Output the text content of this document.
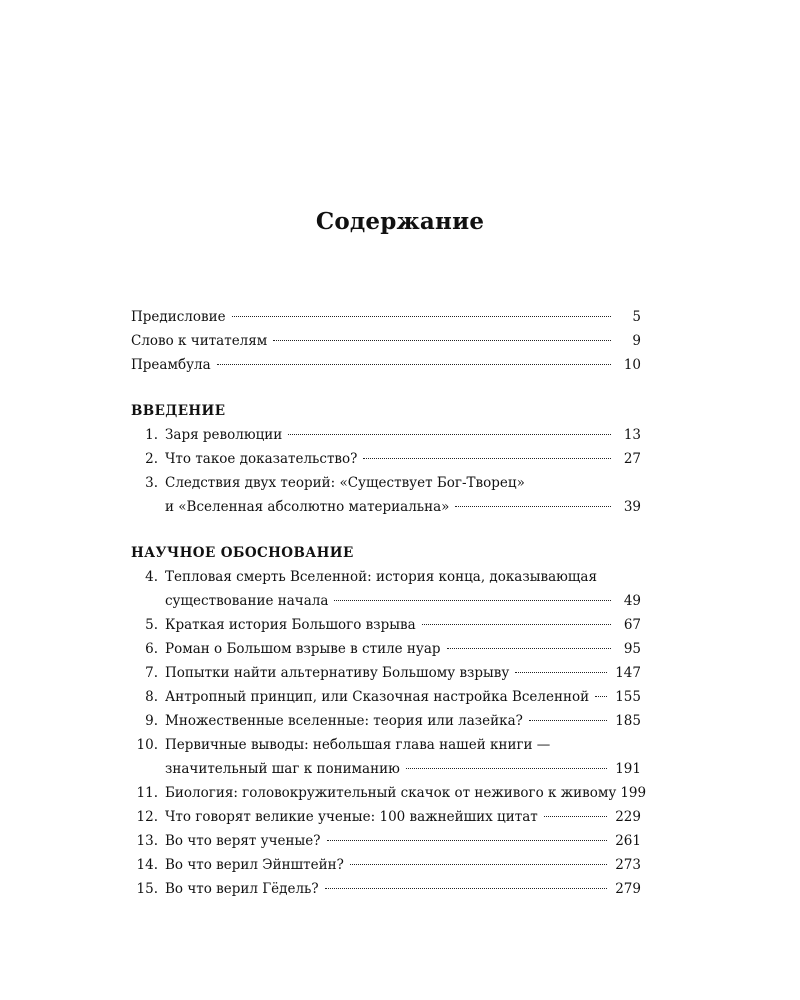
Содержание
Предисловие	5
Слово к читателям	9
Преамбула	10
ВВЕДЕНИЕ
1. Заря революции	13
2. Что такое доказательство?	27
3. Следствия двух теорий: «Существует Бог-Творец»
и «Вселенная абсолютно материальна»	39
НАУЧНОЕ ОБОСНОВАНИЕ
4. Тепловая смерть Вселенной: история конца, доказывающая
существование начала	49
5. Краткая история Большого взрыва	67
6. Роман о Большом взрыве в стиле нуар	95
7. Попытки найти альтернативу Большому взрыву	147
8. Антропный принцип, или Сказочная настройка Вселенной 155
9. Множественные вселенные: теория или лазейка?	185
10. Первичные выводы: небольшая глава нашей книги —
значительный шаг к пониманию	191
11. Биология: головокружительный скачок от неживого к живому 199
12. Что говорят великие ученые: 100 важнейших цитат	229
13. Во что верят ученые?	261
14. Во что верил Эйнштейн?	273
15. Во что верил Гёдель?	279
